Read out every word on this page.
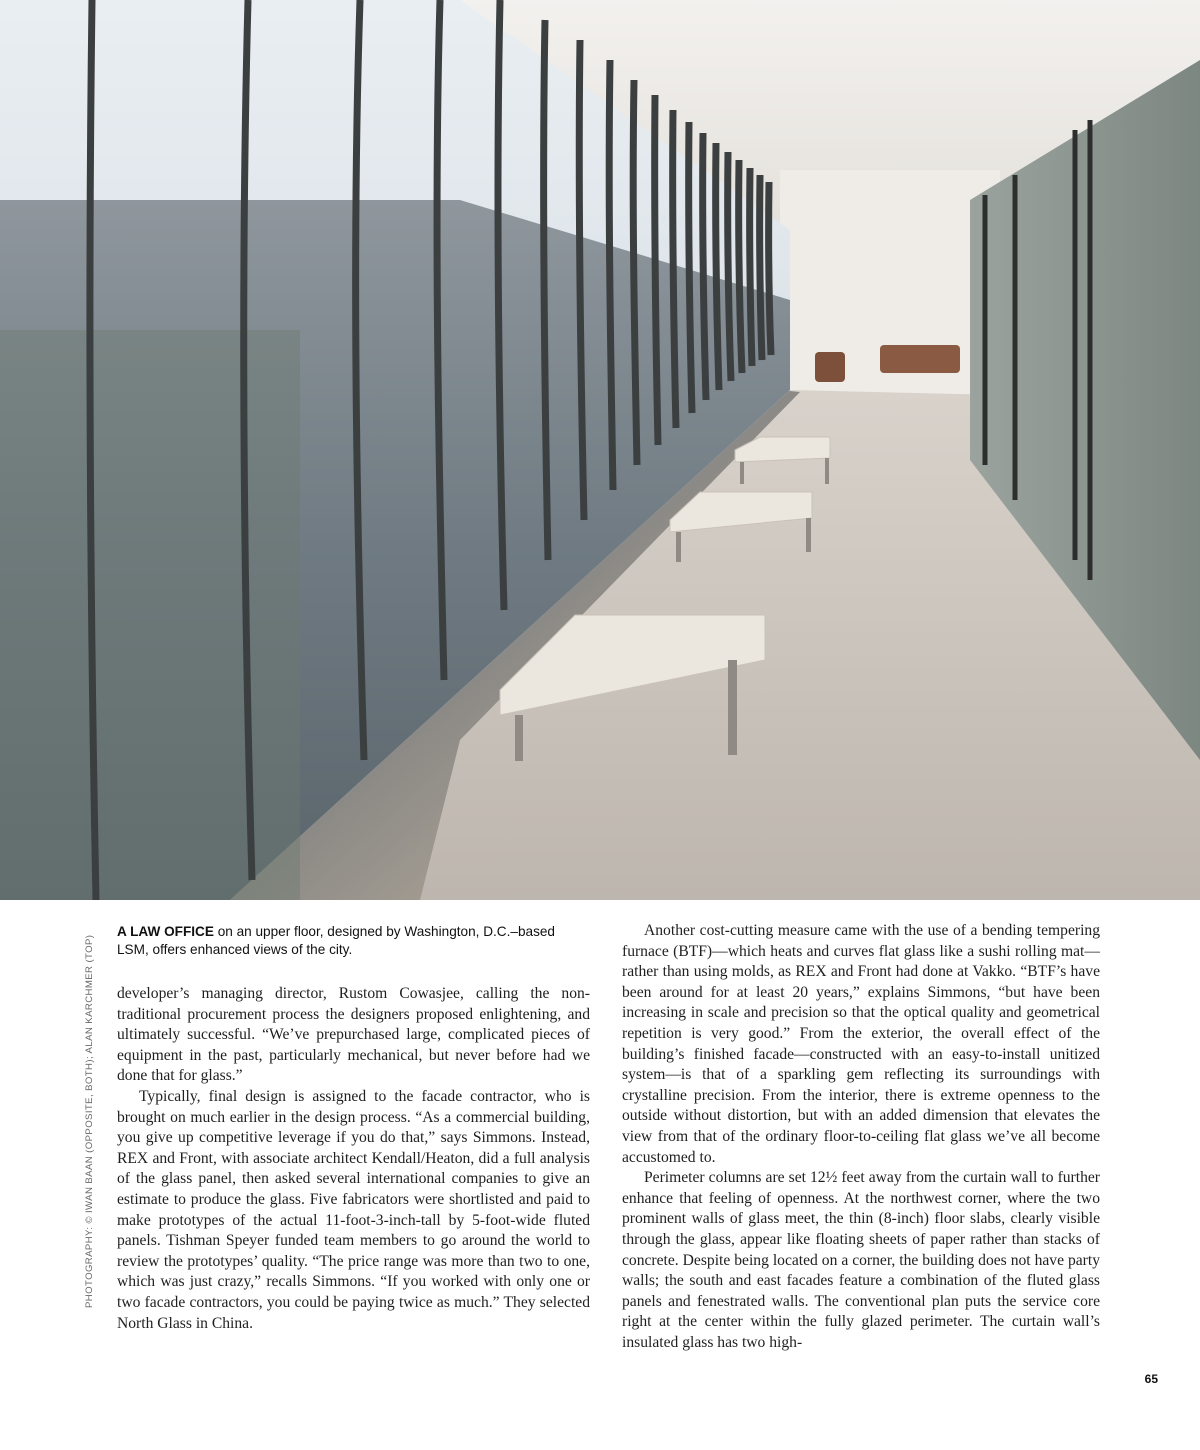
A LAW OFFICE on an upper floor, designed by Washington, D.C.–based LSM, offers enhanced views of the city.
PHOTOGRAPHY: © IWAN BAAN (OPPOSITE, BOTH); ALAN KARCHMER (TOP) developer’s managing director, Rustom Cowasjee, calling the non-traditional procurement process the designers proposed enlightening, and ultimately successful. “We’ve prepurchased large, complicated pieces of equipment in the past, particularly mechanical, but never before had we done that for glass.”

Typically, final design is assigned to the facade contractor, who is brought on much earlier in the design process. “As a commercial building, you give up competitive leverage if you do that,” says Simmons. Instead, REX and Front, with associate architect Kendall/Heaton, did a full analysis of the glass panel, then asked several international companies to give an estimate to produce the glass. Five fabricators were shortlisted and paid to make prototypes of the actual 11-foot-3-inch-tall by 5-foot-wide fluted panels. Tishman Speyer funded team members to go around the world to review the prototypes’ quality. “The price range was more than two to one, which was just crazy,” recalls Simmons. “If you worked with only one or two facade contractors, you could be paying twice as much.” They selected North Glass in China.

Another cost-cutting measure came with the use of a bending tempering furnace (BTF)—which heats and curves flat glass like a sushi rolling mat—rather than using molds, as REX and Front had done at Vakko. “BTF’s have been around for at least 20 years,” explains Simmons, “but have been increasing in scale and precision so that the optical quality and geometrical repetition is very good.” From the exterior, the overall effect of the building’s finished facade—constructed with an easy-to-install unitized system—is that of a sparkling gem reflecting its surroundings with crystalline precision. From the interior, there is extreme openness to the outside without distortion, but with an added dimension that elevates the view from that of the ordinary floor-to-ceiling flat glass we’ve all become accustomed to.

Perimeter columns are set 12½ feet away from the curtain wall to further enhance that feeling of openness. At the northwest corner, where the two prominent walls of glass meet, the thin (8-inch) floor slabs, clearly visible through the glass, appear like floating sheets of paper rather than stacks of concrete. Despite being located on a corner, the building does not have party walls; the south and east facades feature a combination of the fluted glass panels and fenestrated walls. The conventional plan puts the service core right at the center within the fully glazed perimeter. The curtain wall’s insulated glass has two high-

65
